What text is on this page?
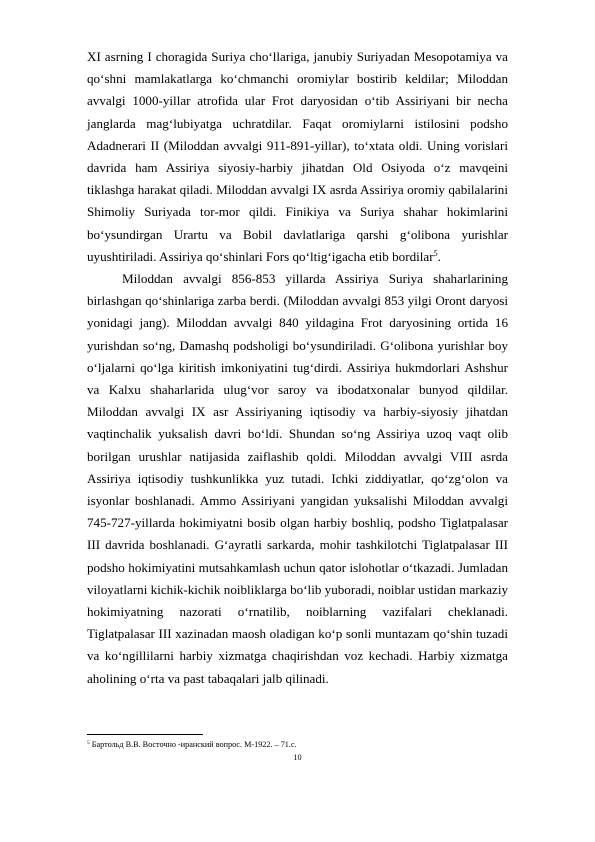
XI asrning I choragida Suriya cho‘llariga, janubiy Suriyadan Mesopotamiya va qo‘shni mamlakatlarga ko‘chmanchi oromiylar bostirib keldilar; Miloddan avvalgi 1000-yillar atrofida ular Frot daryosidan o‘tib Assiriyani bir necha janglarda mag‘lubiyatga uchratdilar. Faqat oromiylarni istilosini podsho Adadnerari II (Miloddan avvalgi 911-891-yillar), to‘xtata oldi. Uning vorislari davrida ham Assiriya siyosiy-harbiy jihatdan Old Osiyoda o‘z mavqeini tiklashga harakat qiladi. Miloddan avvalgi IX asrda Assiriya oromiy qabilalarini Shimoliy Suriyada tor-mor qildi. Finikiya va Suriya shahar hokimlarini bo‘ysundirgan Urartu va Bobil davlatlariga qarshi g‘olibona yurishlar uyushtiriladi. Assiriya qo‘shinlari Fors qo‘ltig‘igacha etib bordilar$^5$.

Miloddan avvalgi 856-853 yillarda Assiriya Suriya shaharlarining birlashgan qo‘shinlariga zarba berdi. (Miloddan avvalgi 853 yilgi Oront daryosi yonidagi jang). Miloddan avvalgi 840 yildagina Frot daryosining ortida 16 yurishdan so‘ng, Damashq podsholigi bo‘ysundiriladi. G‘olibona yurishlar boy o‘ljalarni qo‘lga kiritish imkoniyatini tug‘dirdi. Assiriya hukmdorlari Ashshur va Kalxu shaharlarida ulug‘vor saroy va ibodatxonalar bunyod qildilar. Miloddan avvalgi IX asr Assiriyaning iqtisodiy va harbiy-siyosiy jihatdan vaqtinchalik yuksalish davri bo‘ldi. Shundan so‘ng Assiriya uzoq vaqt olib borilgan urushlar natijasida zaiflashib qoldi. Miloddan avvalgi VIII asrda Assiriya iqtisodiy tushkunlikka yuz tutadi. Ichki ziddiyatlar, qo‘zg‘olon va isyonlar boshlanadi. Ammo Assiriyani yangidan yuksalishi Miloddan avvalgi 745-727-yillarda hokimiyatni bosib olgan harbiy boshliq, podsho Tiglatpalasar III davrida boshlanadi. G‘ayratli sarkarda, mohir tashkilotchi Tiglatpalasar III podsho hokimiyatini mutsahkamlash uchun qator islohotlar o‘tkazadi. Jumladan viloyatlarni kichik-kichik noibliklarga bo‘lib yuboradi, noiblar ustidan markaziy hokimiyatning nazorati o‘rnatilib, noiblarning vazifalari cheklanadi. Tiglatpalasar III xazinadan maosh oladigan ko‘p sonli muntazam qo‘shin tuzadi va ko‘ngillilarni harbiy xizmatga chaqirishdan voz kechadi. Harbiy xizmatga aholining o‘rta va past tabaqalari jalb qilinadi.

$^5$ Бартольд В.В. Восточно -иранский вопрос. М-1922. – 71.с.
10
